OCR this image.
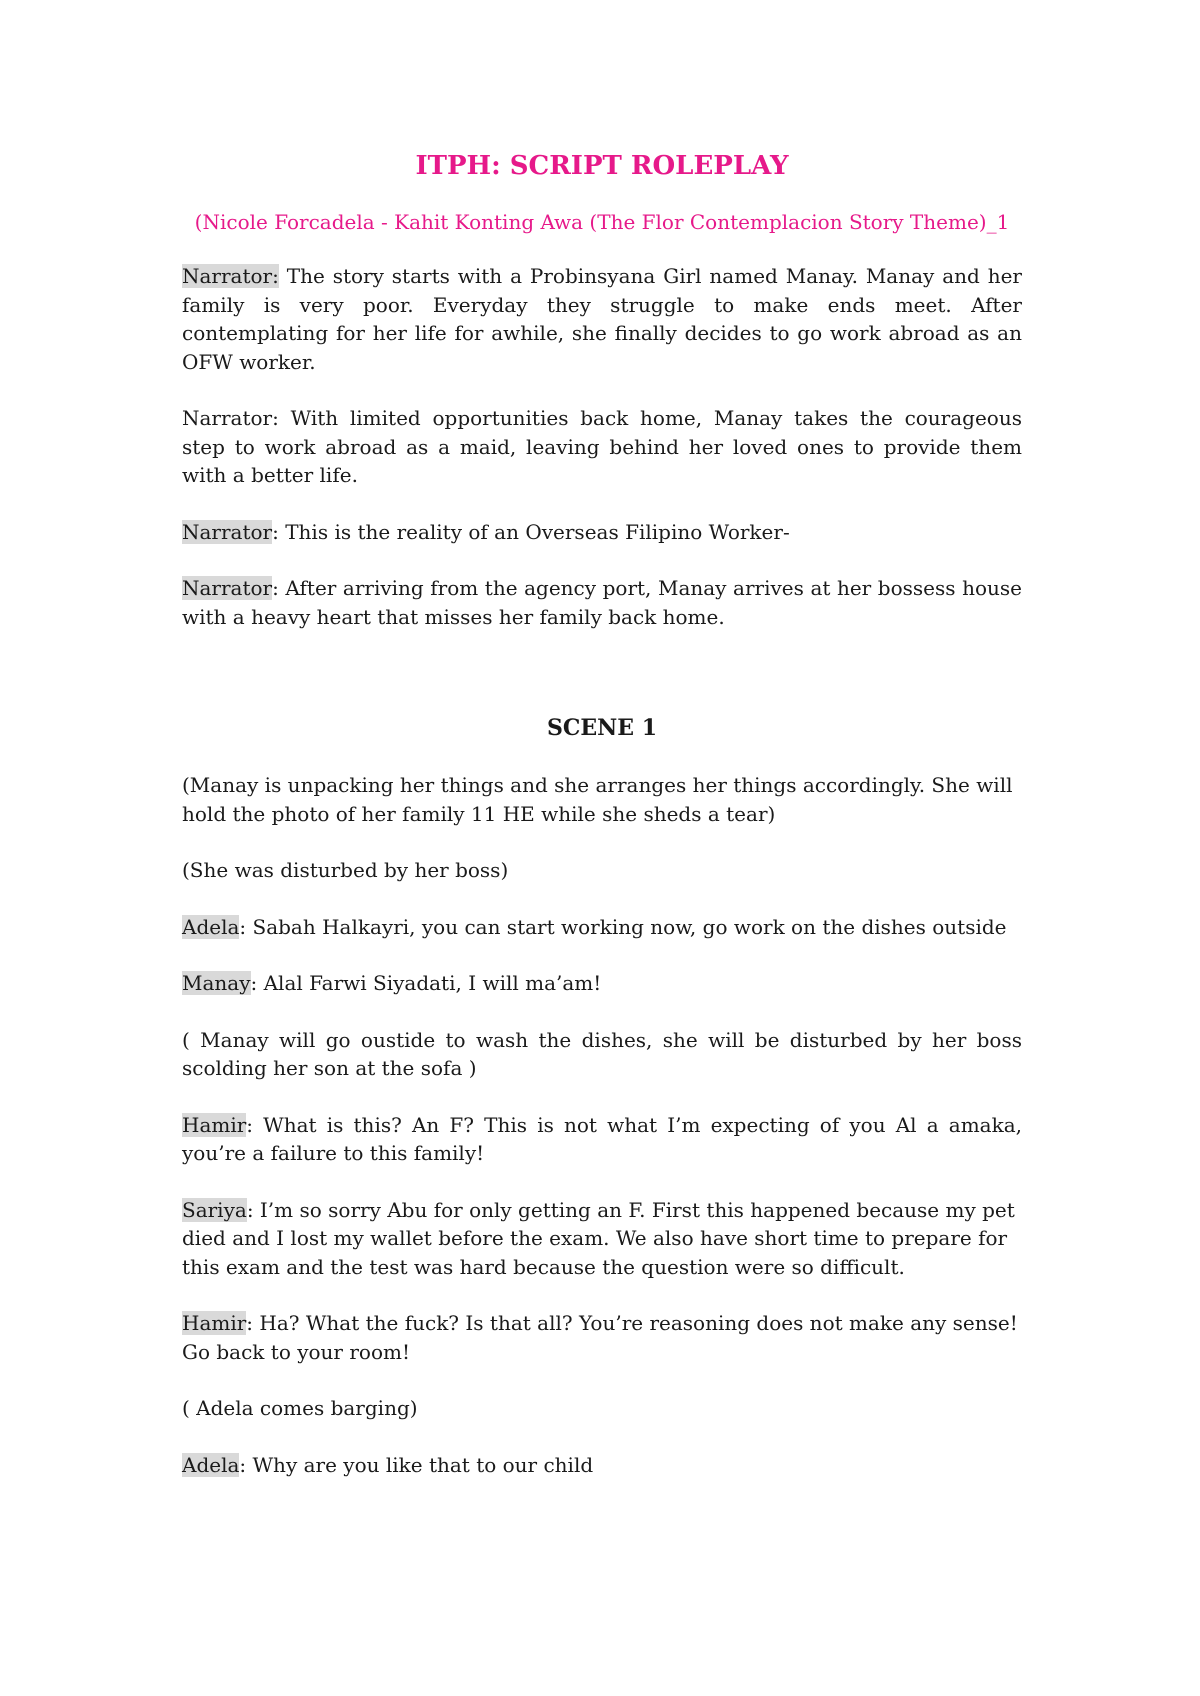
ITPH: SCRIPT ROLEPLAY
(Nicole Forcadela - Kahit Konting Awa (The Flor Contemplacion Story Theme)_1

Narrator: The story starts with a Probinsyana Girl named Manay. Manay and her family is very poor. Everyday they struggle to make ends meet. After contemplating for her life for awhile, she finally decides to go work abroad as an OFW worker.

Narrator: With limited opportunities back home, Manay takes the courageous step to work abroad as a maid, leaving behind her loved ones to provide them with a better life.

Narrator: This is the reality of an Overseas Filipino Worker-

Narrator: After arriving from the agency port, Manay arrives at her bossess house with a heavy heart that misses her family back home.

SCENE 1

(Manay is unpacking her things and she arranges her things accordingly. She will hold the photo of her family 11 HE while she sheds a tear)

(She was disturbed by her boss)

Adela: Sabah Halkayri, you can start working now, go work on the dishes outside

Manay: Alal Farwi Siyadati, I will ma’am!

( Manay will go oustide to wash the dishes, she will be disturbed by her boss scolding her son at the sofa )

Hamir: What is this? An F? This is not what I’m expecting of you Al a amaka, you’re a failure to this family!

Sariya: I’m so sorry Abu for only getting an F. First this happened because my pet died and I lost my wallet before the exam. We also have short time to prepare for this exam and the test was hard because the question were so difficult.

Hamir: Ha? What the fuck? Is that all? You’re reasoning does not make any sense! Go back to your room!

( Adela comes barging)

Adela: Why are you like that to our child
